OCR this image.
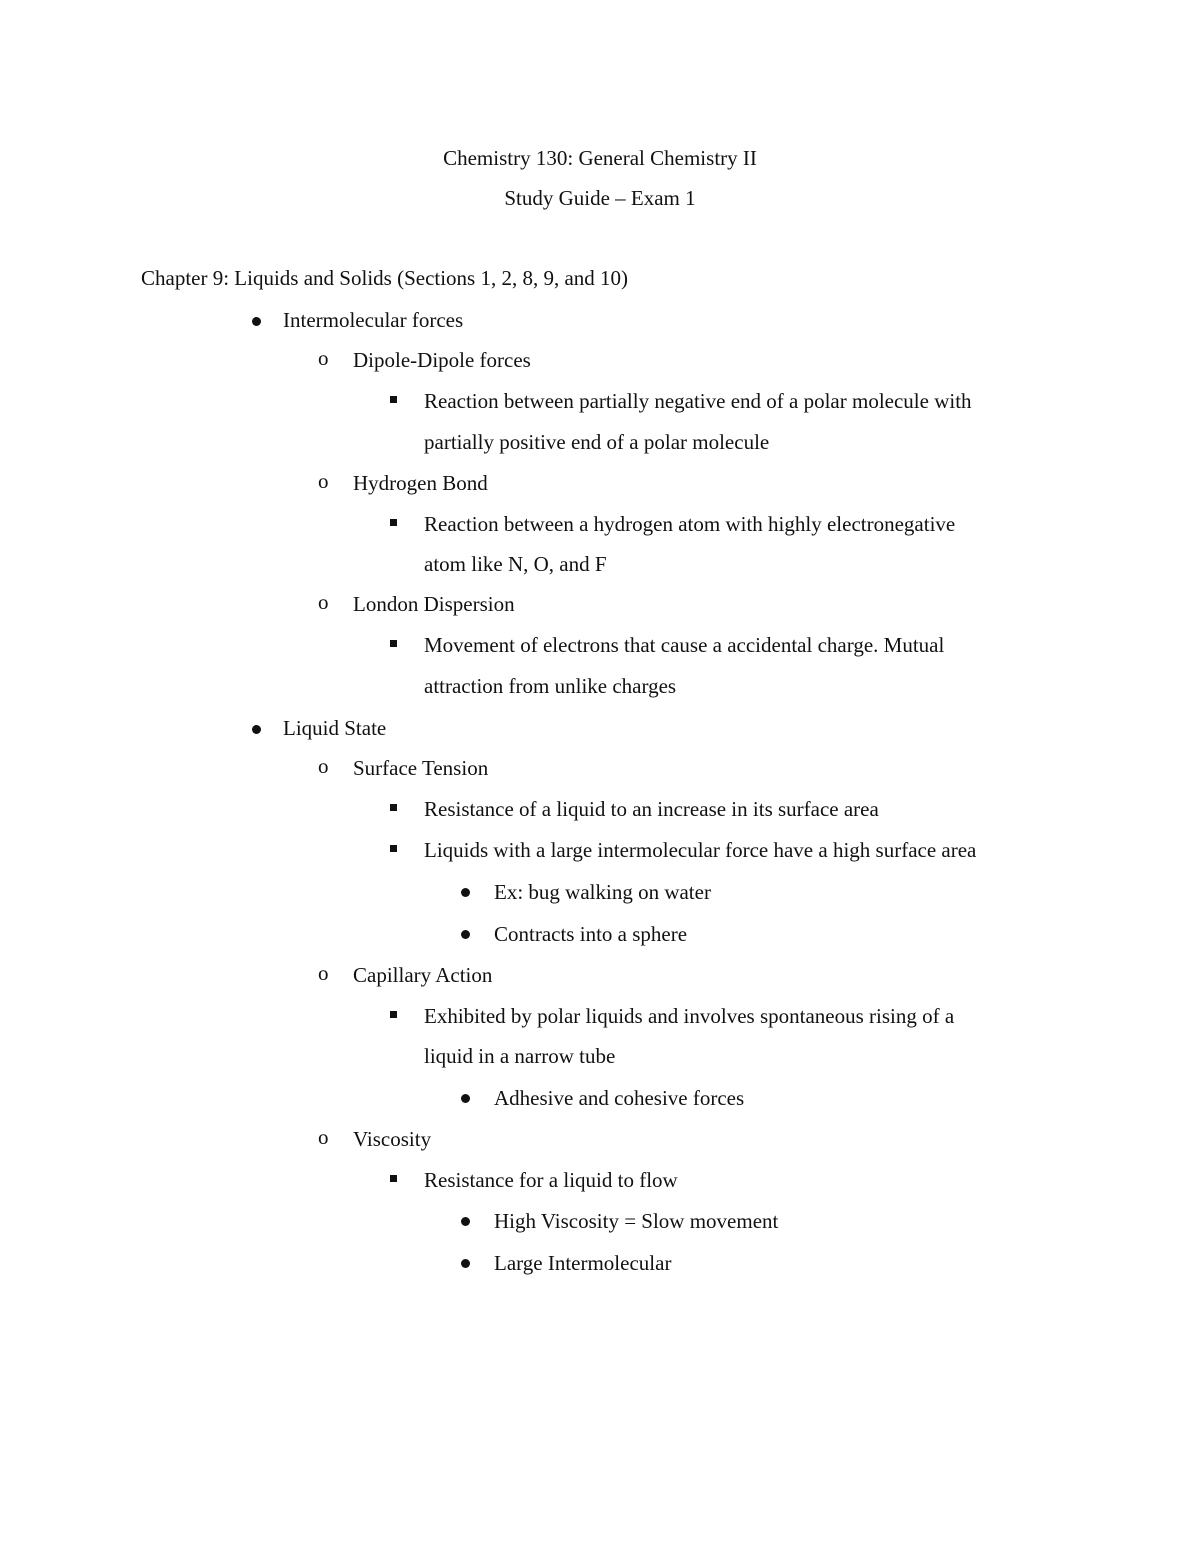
Chemistry 130: General Chemistry II
Study Guide – Exam 1
Chapter 9: Liquids and Solids (Sections 1, 2, 8, 9, and 10)
Intermolecular forces
o Dipole-Dipole forces
Reaction between partially negative end of a polar molecule with
partially positive end of a polar molecule
o Hydrogen Bond
Reaction between a hydrogen atom with highly electronegative
atom like N, O, and F
o London Dispersion
Movement of electrons that cause a accidental charge. Mutual
attraction from unlike charges
Liquid State
o Surface Tension
Resistance of a liquid to an increase in its surface area
Liquids with a large intermolecular force have a high surface area
Ex: bug walking on water
Contracts into a sphere
o Capillary Action
Exhibited by polar liquids and involves spontaneous rising of a
liquid in a narrow tube
Adhesive and cohesive forces
o Viscosity
Resistance for a liquid to flow
High Viscosity = Slow movement
Large Intermolecular
